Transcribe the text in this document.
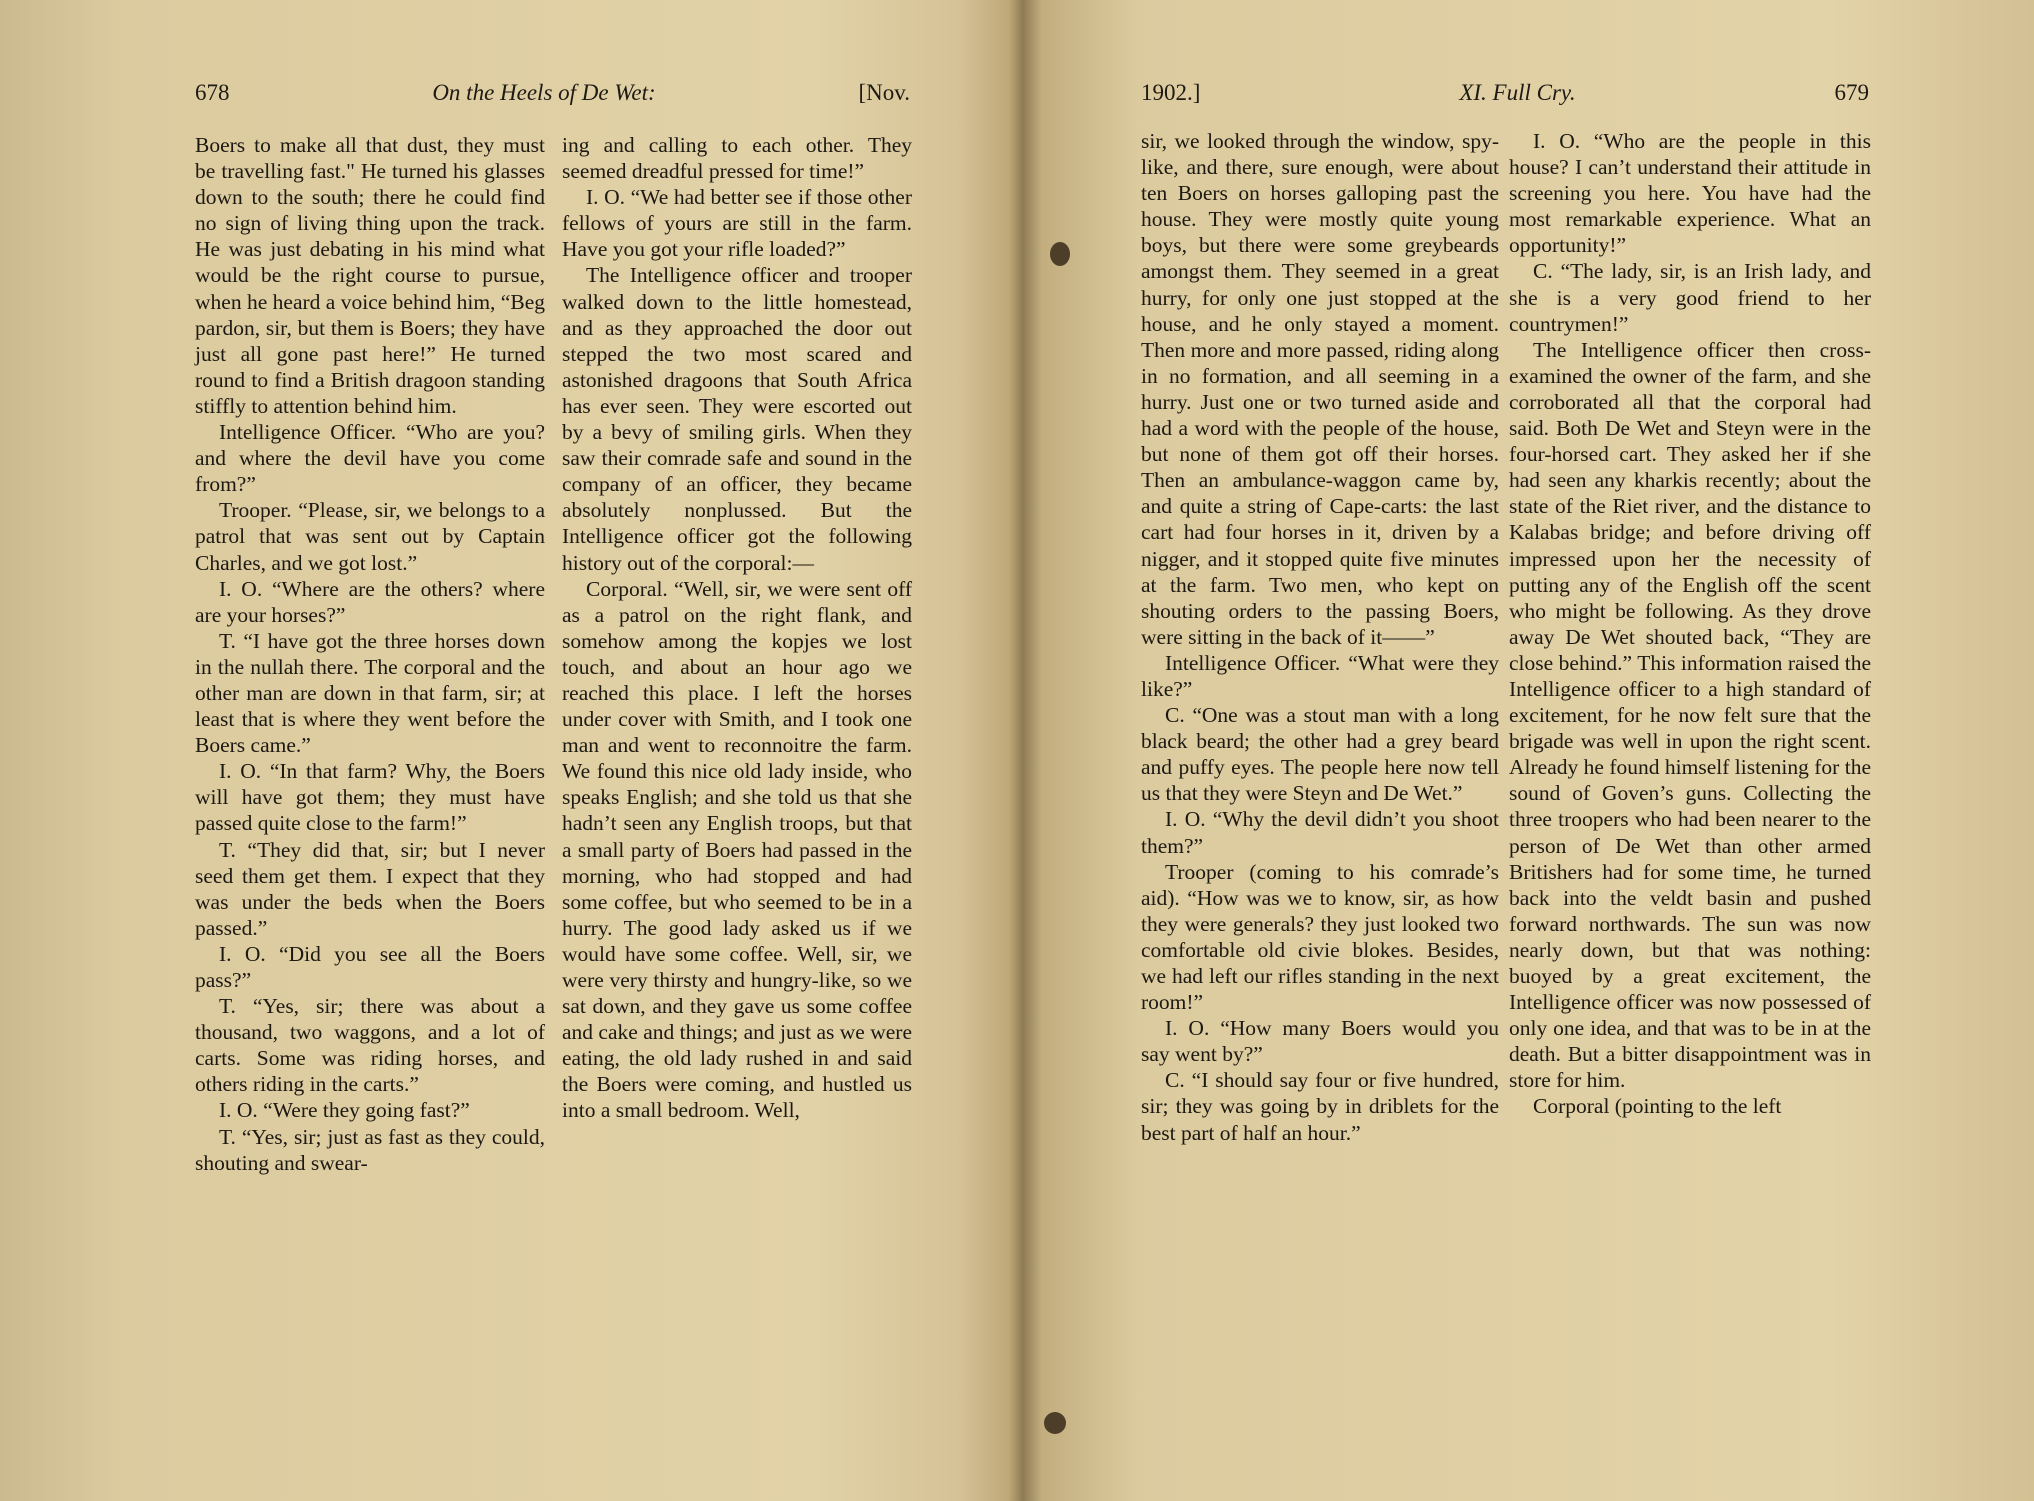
678	On the Heels of De Wet:	[Nov.

Boers to make all that dust, they must be travelling fast." He turned his glasses down to the south; there he could find no sign of living thing upon the track. He was just debating in his mind what would be the right course to pursue, when he heard a voice behind him, “Beg pardon, sir, but them is Boers; they have just all gone past here!” He turned round to find a British dragoon standing stiffly to attention behind him.

Intelligence Officer. “Who are you? and where the devil have you come from?”

Trooper. “Please, sir, we belongs to a patrol that was sent out by Captain Charles, and we got lost.”

I. O. “Where are the others? where are your horses?”

T. “I have got the three horses down in the nullah there. The corporal and the other man are down in that farm, sir; at least that is where they went before the Boers came.”

I. O. “In that farm? Why, the Boers will have got them; they must have passed quite close to the farm!”

T. “They did that, sir; but I never seed them get them. I expect that they was under the beds when the Boers passed.”

I. O. “Did you see all the Boers pass?”

T. “Yes, sir; there was about a thousand, two waggons, and a lot of carts. Some was riding horses, and others riding in the carts.”

I. O. “Were they going fast?”

T. “Yes, sir; just as fast as they could, shouting and swear-

ing and calling to each other. They seemed dreadful pressed for time!”

I. O. “We had better see if those other fellows of yours are still in the farm. Have you got your rifle loaded?”

The Intelligence officer and trooper walked down to the little homestead, and as they approached the door out stepped the two most scared and astonished dragoons that South Africa has ever seen. They were escorted out by a bevy of smiling girls. When they saw their comrade safe and sound in the company of an officer, they became absolutely nonplussed. But the Intelligence officer got the following history out of the corporal:—

Corporal. “Well, sir, we were sent off as a patrol on the right flank, and somehow among the kopjes we lost touch, and about an hour ago we reached this place. I left the horses under cover with Smith, and I took one man and went to reconnoitre the farm. We found this nice old lady inside, who speaks English; and she told us that she hadn’t seen any English troops, but that a small party of Boers had passed in the morning, who had stopped and had some coffee, but who seemed to be in a hurry. The good lady asked us if we would have some coffee. Well, sir, we were very thirsty and hungry-like, so we sat down, and they gave us some coffee and cake and things; and just as we were eating, the old lady rushed in and said the Boers were coming, and hustled us into a small bedroom. Well,

1902.]	XI. Full Cry.	679

sir, we looked through the window, spy-like, and there, sure enough, were about ten Boers on horses galloping past the house. They were mostly quite young boys, but there were some greybeards amongst them. They seemed in a great hurry, for only one just stopped at the house, and he only stayed a moment. Then more and more passed, riding along in no formation, and all seeming in a hurry. Just one or two turned aside and had a word with the people of the house, but none of them got off their horses. Then an ambulance-waggon came by, and quite a string of Cape-carts: the last cart had four horses in it, driven by a nigger, and it stopped quite five minutes at the farm. Two men, who kept on shouting orders to the passing Boers, were sitting in the back of it——”

Intelligence Officer. “What were they like?”

C. “One was a stout man with a long black beard; the other had a grey beard and puffy eyes. The people here now tell us that they were Steyn and De Wet.”

I. O. “Why the devil didn’t you shoot them?”

Trooper (coming to his comrade’s aid). “How was we to know, sir, as how they were generals? they just looked two comfortable old civie blokes. Besides, we had left our rifles standing in the next room!”

I. O. “How many Boers would you say went by?”

C. “I should say four or five hundred, sir; they was going by in driblets for the best part of half an hour.”

I. O. “Who are the people in this house? I can’t understand their attitude in screening you here. You have had the most remarkable experience. What an opportunity!”

C. “The lady, sir, is an Irish lady, and she is a very good friend to her countrymen!”

The Intelligence officer then cross-examined the owner of the farm, and she corroborated all that the corporal had said. Both De Wet and Steyn were in the four-horsed cart. They asked her if she had seen any kharkis recently; about the state of the Riet river, and the distance to Kalabas bridge; and before driving off impressed upon her the necessity of putting any of the English off the scent who might be following. As they drove away De Wet shouted back, “They are close behind.” This information raised the Intelligence officer to a high standard of excitement, for he now felt sure that the brigade was well in upon the right scent. Already he found himself listening for the sound of Goven’s guns. Collecting the three troopers who had been nearer to the person of De Wet than other armed Britishers had for some time, he turned back into the veldt basin and pushed forward northwards. The sun was now nearly down, but that was nothing: buoyed by a great excitement, the Intelligence officer was now possessed of only one idea, and that was to be in at the death. But a bitter disappointment was in store for him.

Corporal (pointing to the left
